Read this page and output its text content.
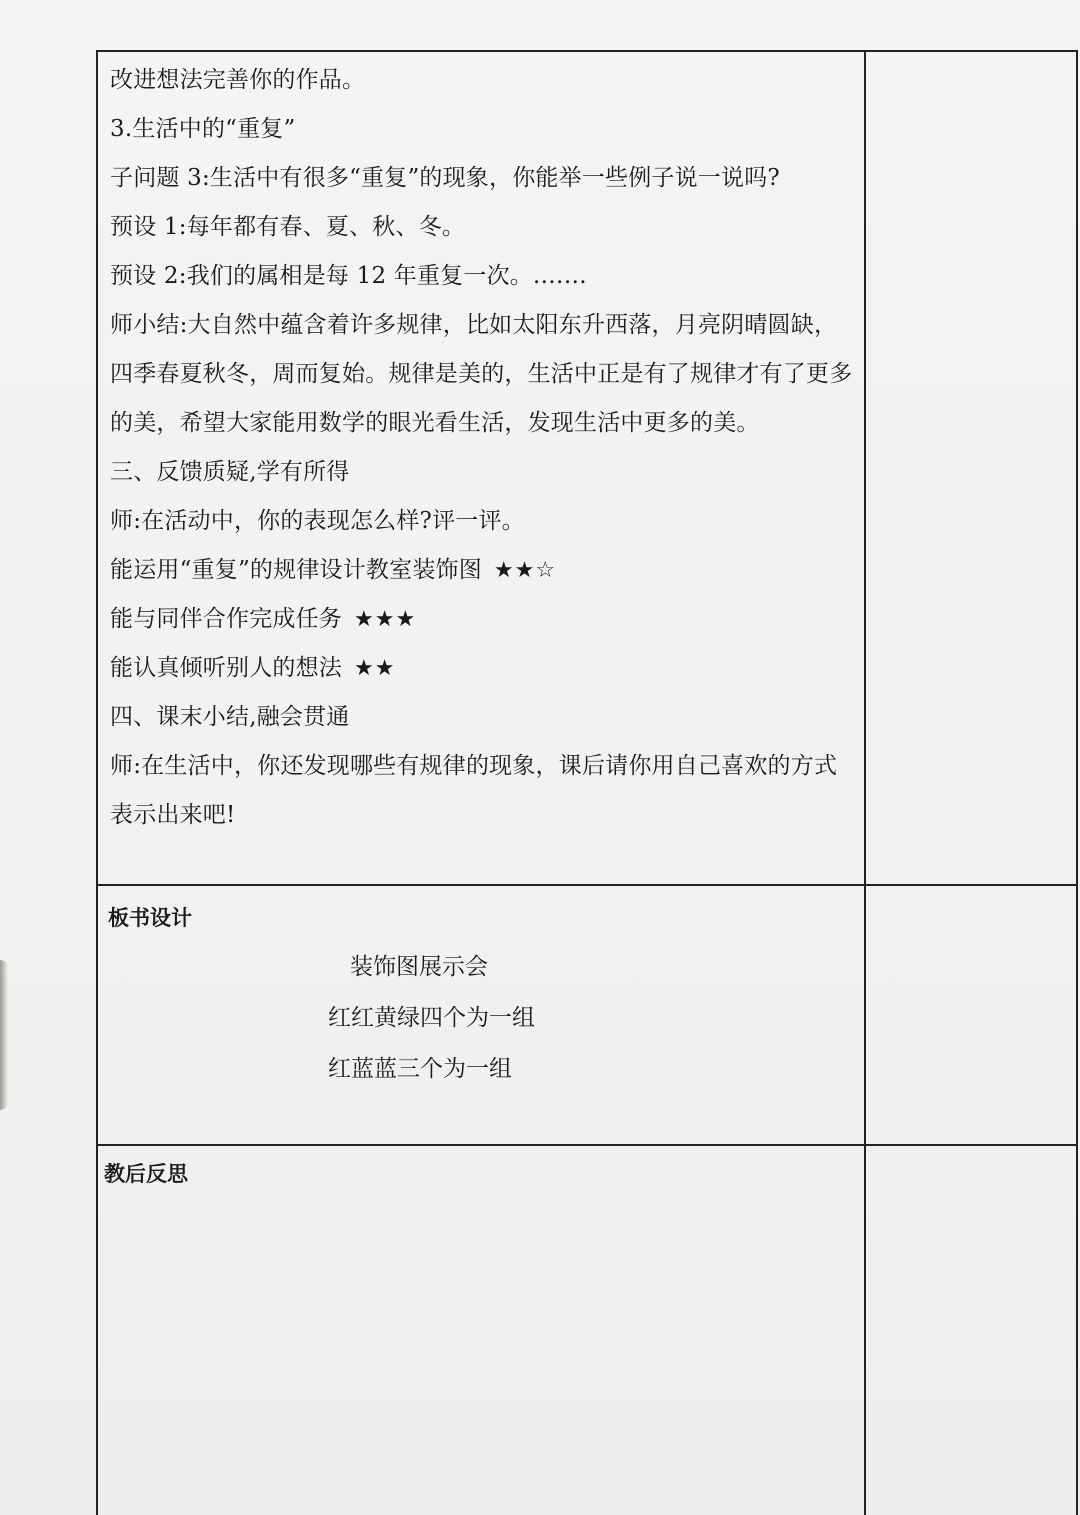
改进想法完善你的作品。
3.生活中的“重复”
子问题 3:生活中有很多“重复”的现象，你能举一些例子说一说吗?
预设 1:每年都有春、夏、秋、冬。
预设 2:我们的属相是每 12 年重复一次。.……
师小结:大自然中蕴含着许多规律，比如太阳东升西落，月亮阴晴圆缺，
四季春夏秋冬，周而复始。规律是美的，生活中正是有了规律才有了更多
的美，希望大家能用数学的眼光看生活，发现生活中更多的美。
三、反馈质疑,学有所得
师:在活动中，你的表现怎么样?评一评。
能运用“重复”的规律设计教室装饰图 ★★☆
能与同伴合作完成任务 ★★★
能认真倾听别人的想法 ★★
四、课末小结,融会贯通
师:在生活中，你还发现哪些有规律的现象，课后请你用自己喜欢的方式
表示出来吧!
板书设计
装饰图展示会
红红黄绿四个为一组
红蓝蓝三个为一组
教后反思
